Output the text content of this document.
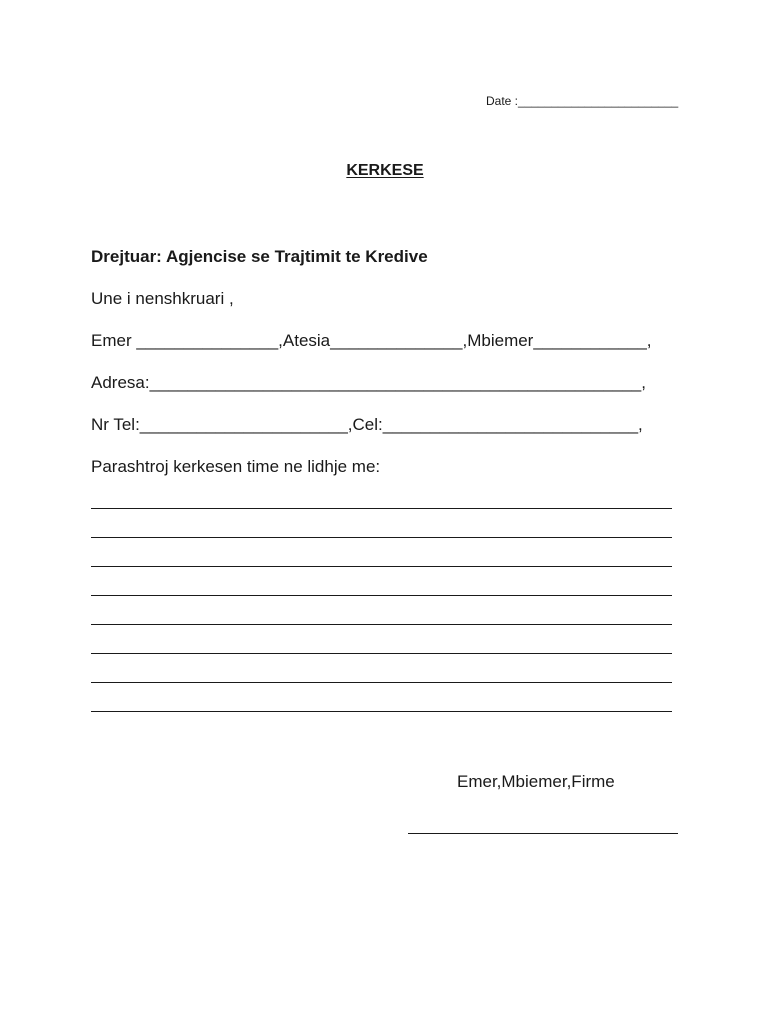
Date :________________________
KERKESE
Drejtuar: Agjencise se Trajtimit te Kredive
Une i nenshkruari ,
Emer _______________,Atesia______________,Mbiemer____________,
Adresa:____________________________________________________,
Nr Tel:______________________,Cel:___________________________,
Parashtroj kerkesen time ne lidhje me:
Emer,Mbiemer,Firme
